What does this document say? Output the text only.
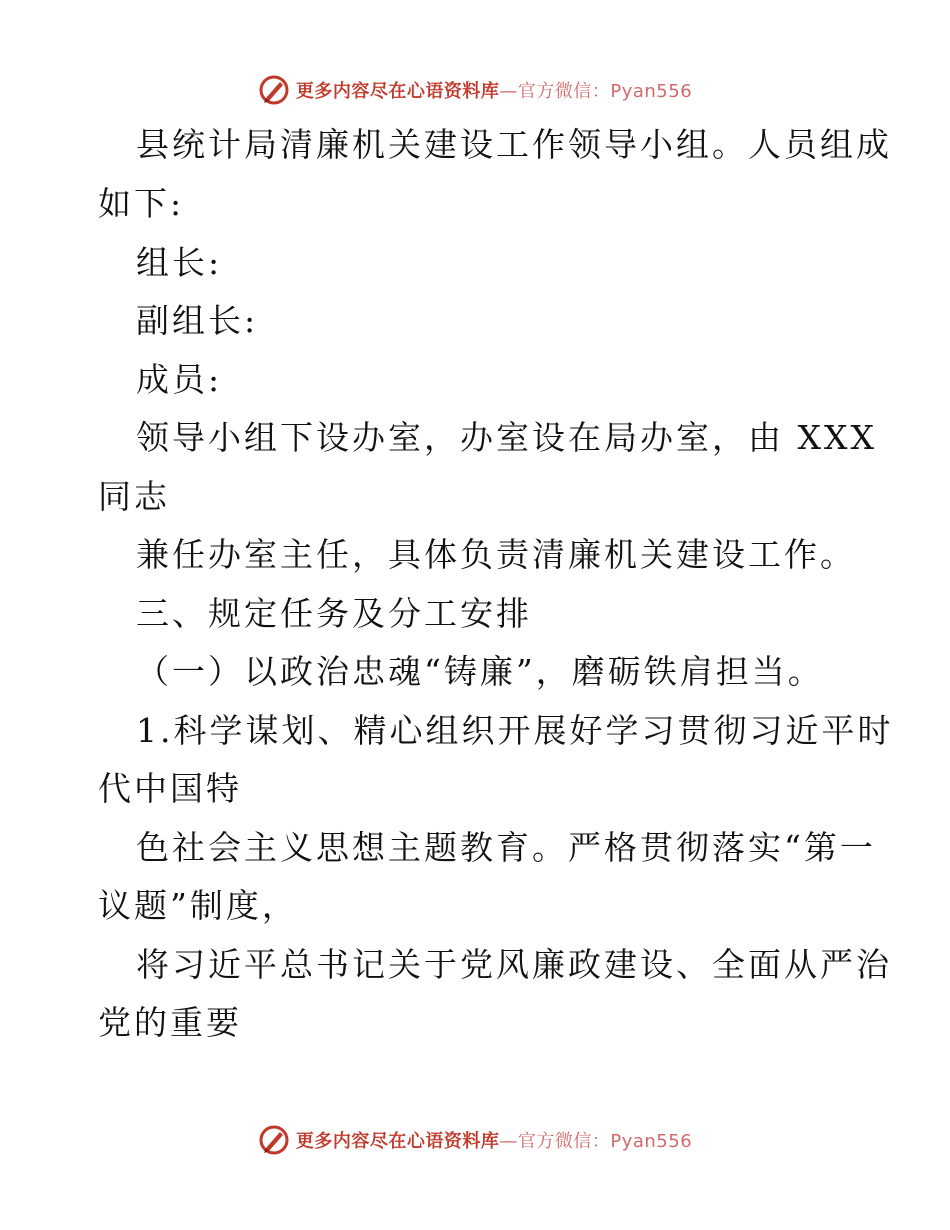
更多内容尽在心语资料库—官方微信：Pyan556
县统计局清廉机关建设工作领导小组。人员组成
如下:
组长:
副组长:
成员:
领导小组下设办室，办室设在局办室，由 XXX
同志
兼任办室主任，具体负责清廉机关建设工作。
三、规定任务及分工安排
（一）以政治忠魂“铸廉”，磨砺铁肩担当。
1.科学谋划、精心组织开展好学习贯彻习近平时
代中国特
色社会主义思想主题教育。严格贯彻落实“第一
议题”制度，
将习近平总书记关于党风廉政建设、全面从严治
党的重要
更多内容尽在心语资料库—官方微信：Pyan556
